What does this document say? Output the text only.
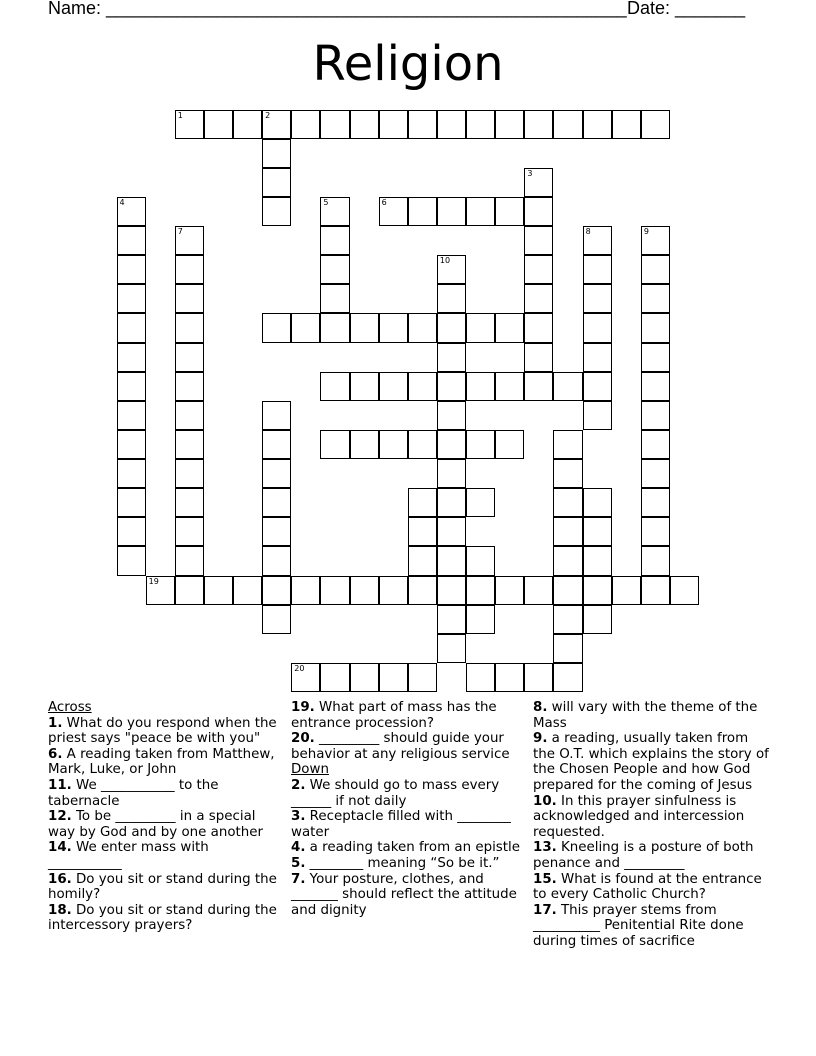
Name: ____________________________________________________ Date: _______
Religion
1	2
3
5	6
4
7	8	9
10
19
20
Across
1. What do you respond when the priest says "peace be with you"
6. A reading taken from Matthew, Mark, Luke, or John
11. We ___________ to the tabernacle
12. To be _________ in a special way by God and by one another
14. We enter mass with ___________
16. Do you sit or stand during the homily?
18. Do you sit or stand during the intercessory prayers?
19. What part of mass has the entrance procession?
20. _________ should guide your behavior at any religious service
Down
2. We should go to mass every ______ if not daily
3. Receptacle filled with ________ water
4. a reading taken from an epistle
5. ________ meaning “So be it.”
7. Your posture, clothes, and _______ should reflect the attitude and dignity
8. will vary with the theme of the Mass
9. a reading, usually taken from the O.T. which explains the story of the Chosen People and how God prepared for the coming of Jesus
10. In this prayer sinfulness is acknowledged and intercession requested.
13. Kneeling is a posture of both penance and _________
15. What is found at the entrance to every Catholic Church?
17. This prayer stems from __________ Penitential Rite done during times of sacrifice
